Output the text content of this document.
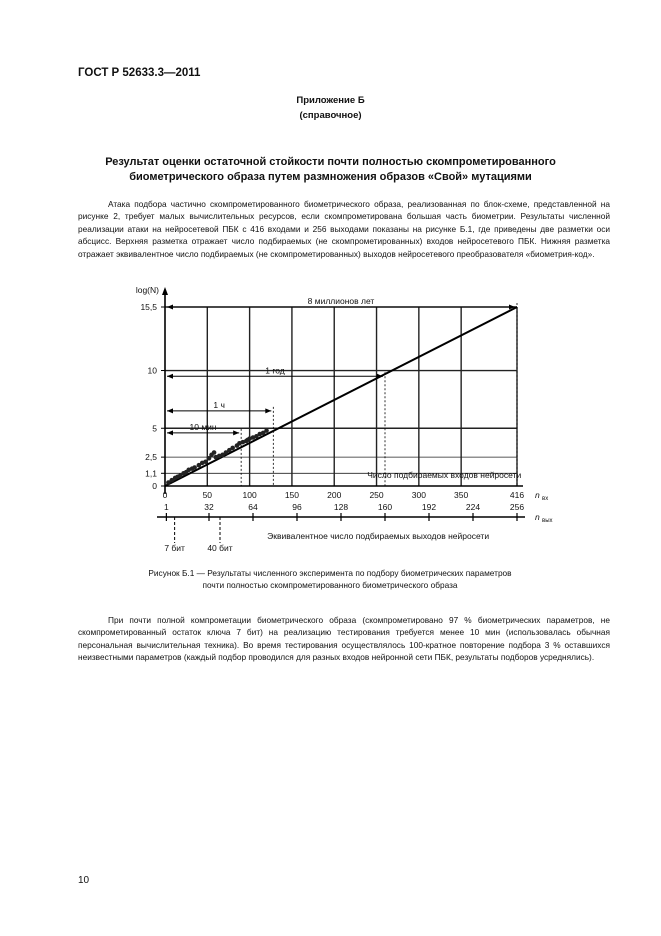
ГОСТ Р 52633.3—2011
Приложение Б
(справочное)
Результат оценки остаточной стойкости почти полностью скомпрометированного
биометрического образа путем размножения образов «Свой» мутациями

Атака подбора частично скомпрометированного биометрического образа, реализованная по блок-схеме, представленной на рисунке 2, требует малых вычислительных ресурсов, если скомпрометирована большая часть биометрии. Результаты численной реализации атаки на нейросетевой ПБК с 416 входами и 256 выходами показаны на рисунке Б.1, где приведены две разметки оси абсцисс. Верхняя разметка отражает число подбираемых (не скомпрометированных) входов нейросетевого ПБК. Нижняя разметка отражает эквивалентное число подбираемых (не скомпрометированных) выходов нейросетевого преобразователя «биометрия-код».

0
1,1
2,5
5
10
15,5
log(N)
0	50	100	150	200	250	300	350	416 n вх
1	32	64	96	128	160	192	224	256
n вых
Число подбираемых входов нейросети
Эквивалентное число подбираемых выходов нейросети
7 бит	40 бит
8 миллионов лет
1 год
1 ч
10 мин
Рисунок Б.1 — Результаты численного эксперимента по подбору биометрических параметров
почти полностью скомпрометированного биометрического образа

При почти полной компрометации биометрического образа (скомпрометировано 97 % биометрических параметров, не скомпрометированный остаток ключа 7 бит) на реализацию тестирования требуется менее 10 мин (использовалась обычная персональная вычислительная техника). Во время тестирования осуществлялось 100-кратное повторение подбора 3 % оставшихся неизвестными параметров (каждый подбор проводился для разных входов нейронной сети ПБК, результаты подборов усреднялись).

10
